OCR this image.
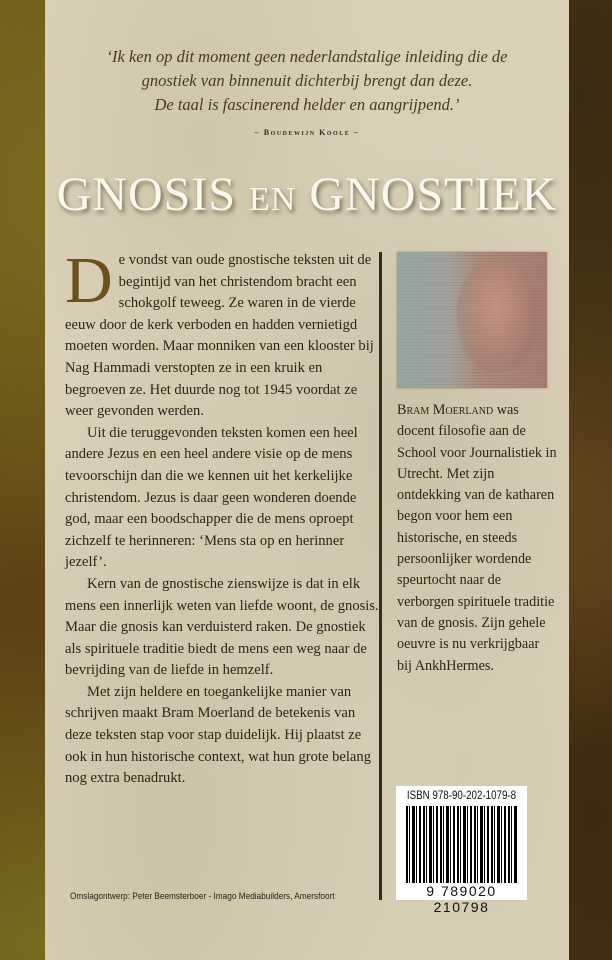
‘Ik ken op dit moment geen nederlandstalige inleiding die de
gnostiek van binnenuit dichterbij brengt dan deze.
De taal is fascinerend helder en aangrijpend.’
– Boudewijn Koole –
GNOSIS EN GNOSTIEK

De vondst van oude gnostische teksten uit de begintijd van het christendom bracht een schokgolf teweeg. Ze waren in de vierde eeuw door de kerk verboden en hadden vernietigd moeten worden. Maar monniken van een klooster bij Nag Hammadi verstopten ze in een kruik en begroeven ze. Het duurde nog tot 1945 voordat ze weer gevonden werden.

Uit die teruggevonden teksten komen een heel andere Jezus en een heel andere visie op de mens tevoorschijn dan die we kennen uit het kerkelijke christendom. Jezus is daar geen wonderen doende god, maar een boodschapper die de mens oproept zichzelf te herinneren: ‘Mens sta op en herinner jezelf’.

Kern van de gnostische zienswijze is dat in elk mens een innerlijk weten van liefde woont, de gnosis. Maar die gnosis kan verduisterd raken. De gnostiek als spirituele traditie biedt de mens een weg naar de bevrijding van de liefde in hemzelf.

Met zijn heldere en toegankelijke manier van schrijven maakt Bram Moerland de betekenis van deze teksten stap voor stap duidelijk. Hij plaatst ze ook in hun historische context, wat hun grote belang nog extra benadrukt.

Bram Moerland was docent filosofie aan de School voor Journalistiek in Utrecht. Met zijn ontdekking van de katharen begon voor hem een historische, en steeds persoonlijker wordende speurtocht naar de verborgen spirituele traditie van de gnosis. Zijn gehele oeuvre is nu verkrijgbaar bij AnkhHermes.
ISBN 978-90-202-1079-8
9 789020 210798
Omslagontwerp: Peter Beemsterboer - Imago Mediabuilders, Amersfoort
